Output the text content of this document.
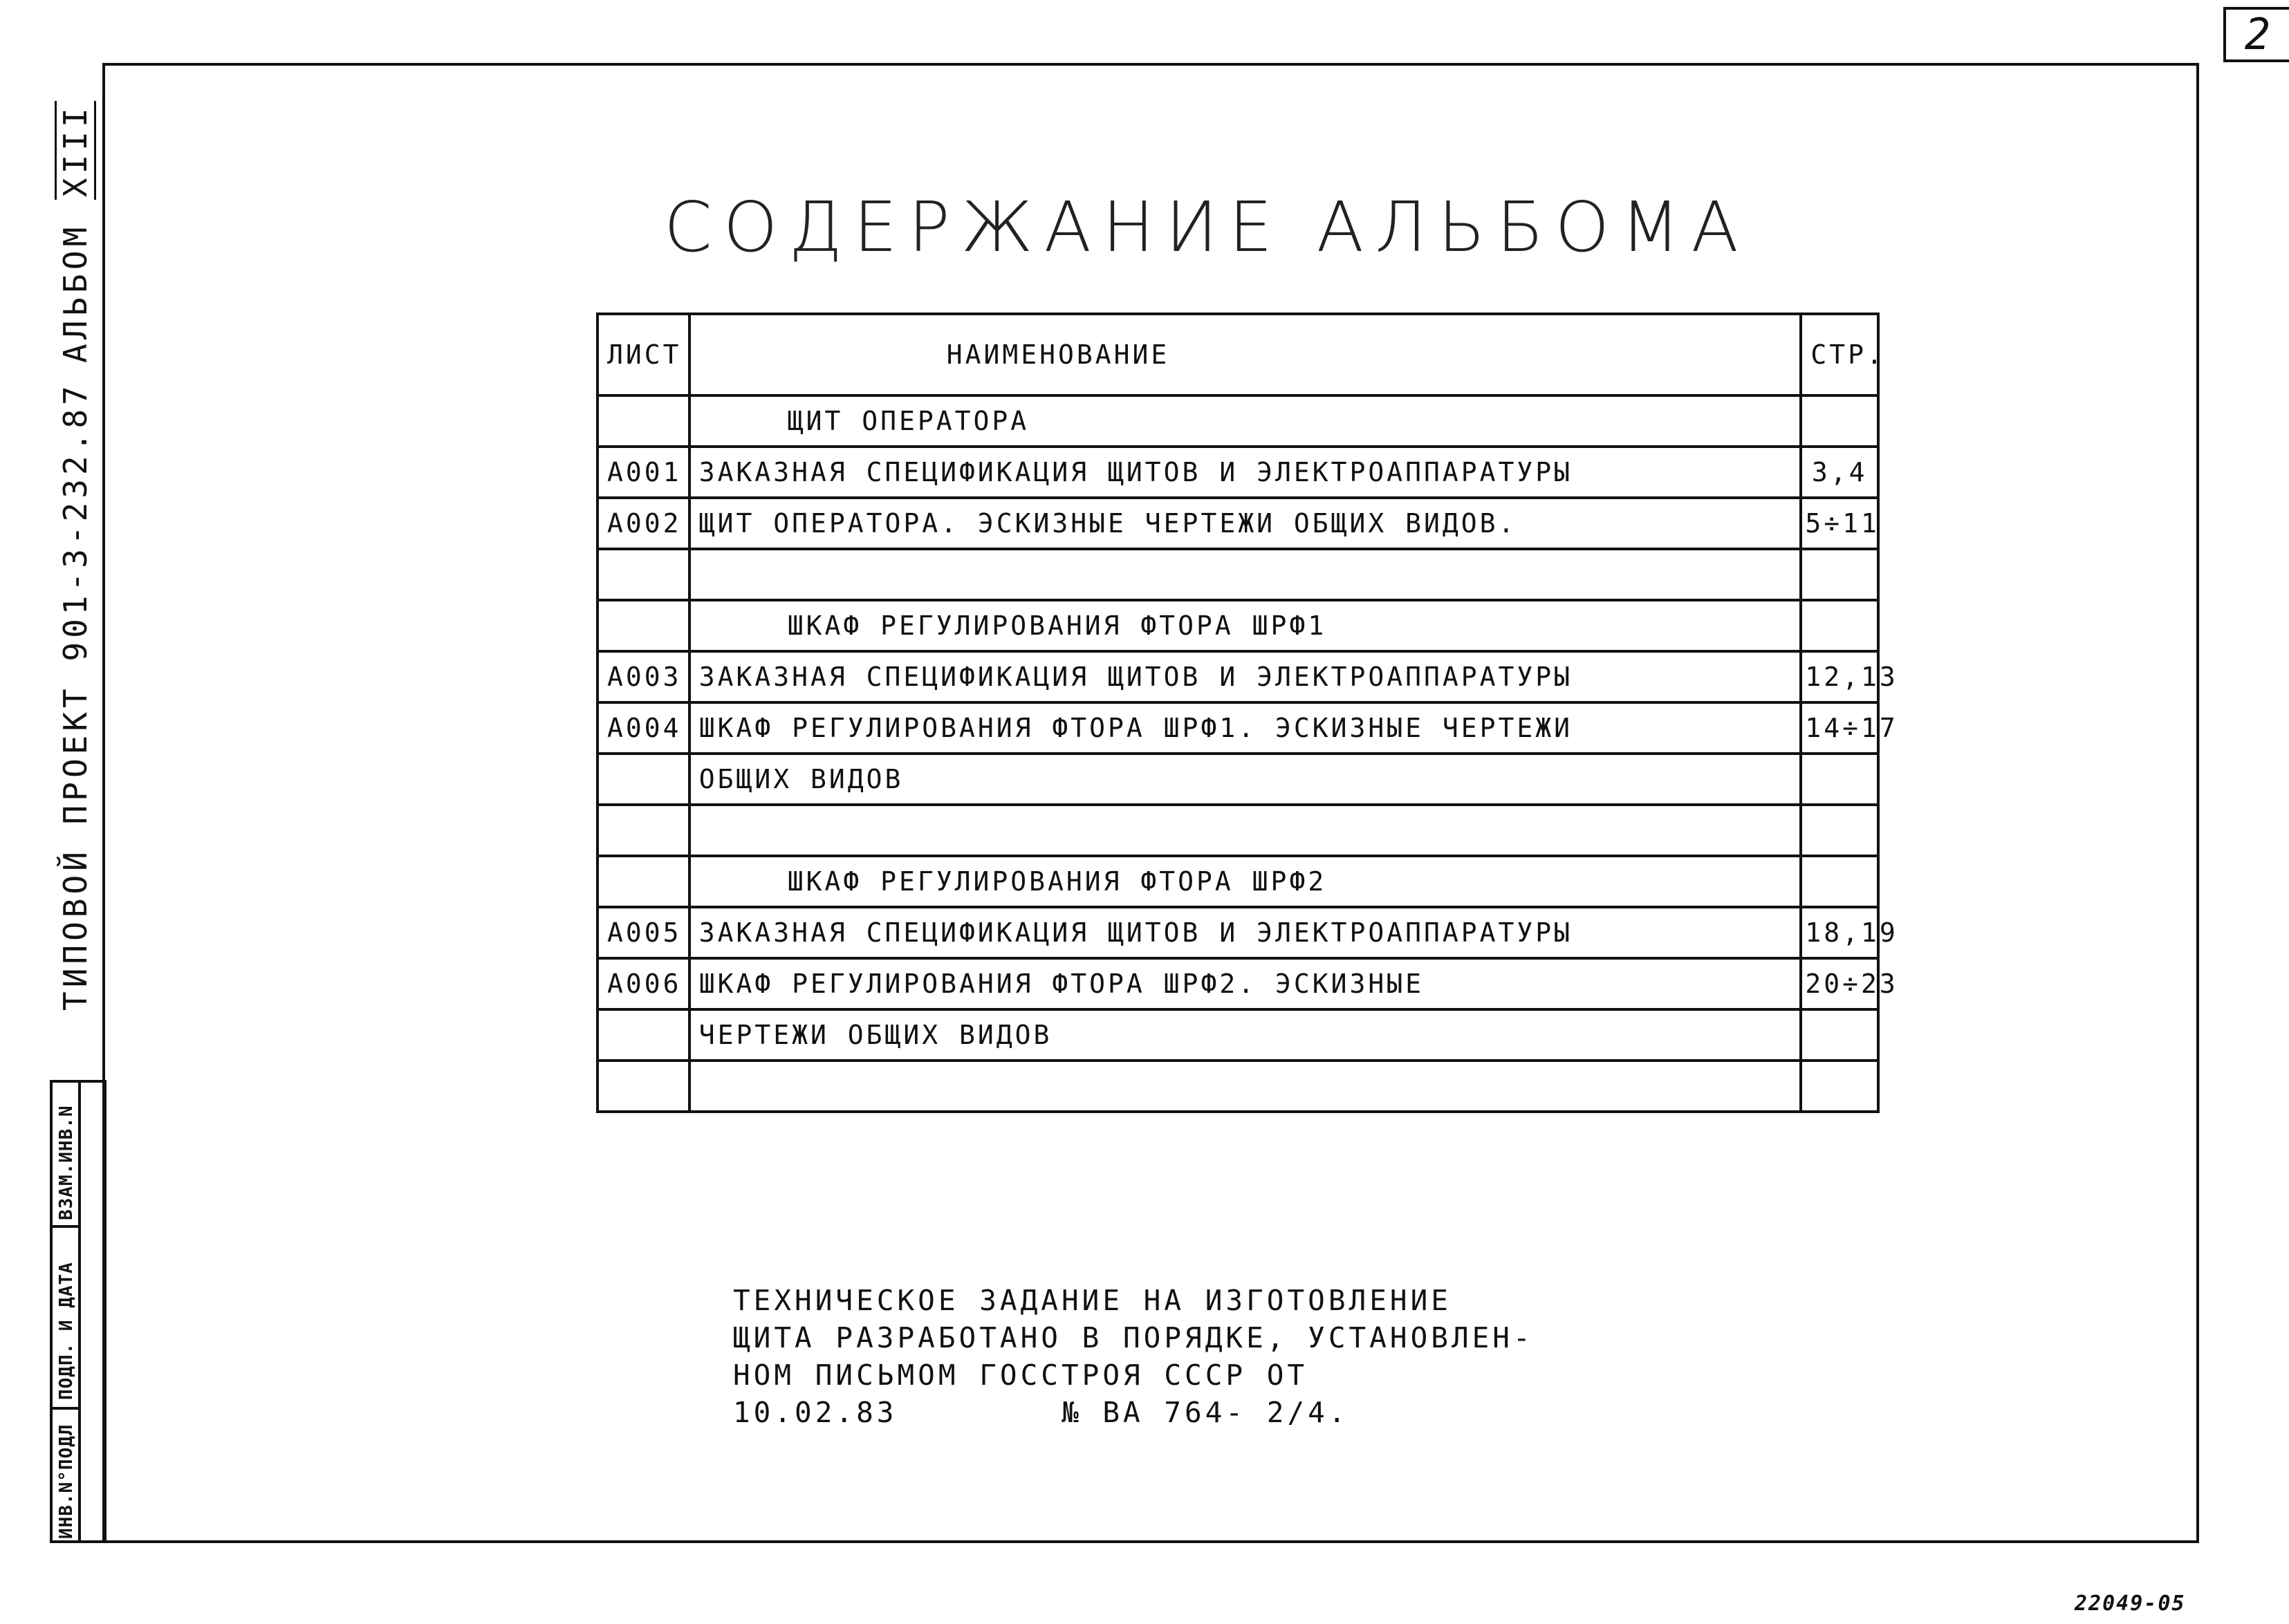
2
АЛЬБОМ XIII
ТИПОВОЙ ПРОЕКТ 901-3-232.87
ВЗАМ.ИНВ.N
ПОДП. И ДАТА
ИНВ.N°ПОДЛ
СОДЕРЖАНИЕ АЛЬБОМА
ЛИСТ	НАИМЕНОВАНИЕ	СТР.
	ЩИТ ОПЕРАТОРА	
А001	ЗАКАЗНАЯ СПЕЦИФИКАЦИЯ ЩИТОВ И ЭЛЕКТРОАППАРАТУРЫ	3,4
А002	ЩИТ ОПЕРАТОРА. ЭСКИЗНЫЕ ЧЕРТЕЖИ ОБЩИХ ВИДОВ.	5÷11

	ШКАФ РЕГУЛИРОВАНИЯ ФТОРА ШРФ1	
А003	ЗАКАЗНАЯ СПЕЦИФИКАЦИЯ ЩИТОВ И ЭЛЕКТРОАППАРАТУРЫ	12,13
А004	ШКАФ РЕГУЛИРОВАНИЯ ФТОРА ШРФ1. ЭСКИЗНЫЕ ЧЕРТЕЖИ	14÷17
	ОБЩИХ ВИДОВ	

	ШКАФ РЕГУЛИРОВАНИЯ ФТОРА ШРФ2	
А005	ЗАКАЗНАЯ СПЕЦИФИКАЦИЯ ЩИТОВ И ЭЛЕКТРОАППАРАТУРЫ	18,19
А006	ШКАФ РЕГУЛИРОВАНИЯ ФТОРА ШРФ2. ЭСКИЗНЫЕ	20÷23
	ЧЕРТЕЖИ ОБЩИХ ВИДОВ	

ТЕХНИЧЕСКОЕ ЗАДАНИЕ НА ИЗГОТОВЛЕНИЕ
ЩИТА РАЗРАБОТАНО В ПОРЯДКЕ, УСТАНОВЛЕН-
НОМ ПИСЬМОМ ГОССТРОЯ СССР ОТ
10.02.83        № ВА 764- 2/4.
22049-05
